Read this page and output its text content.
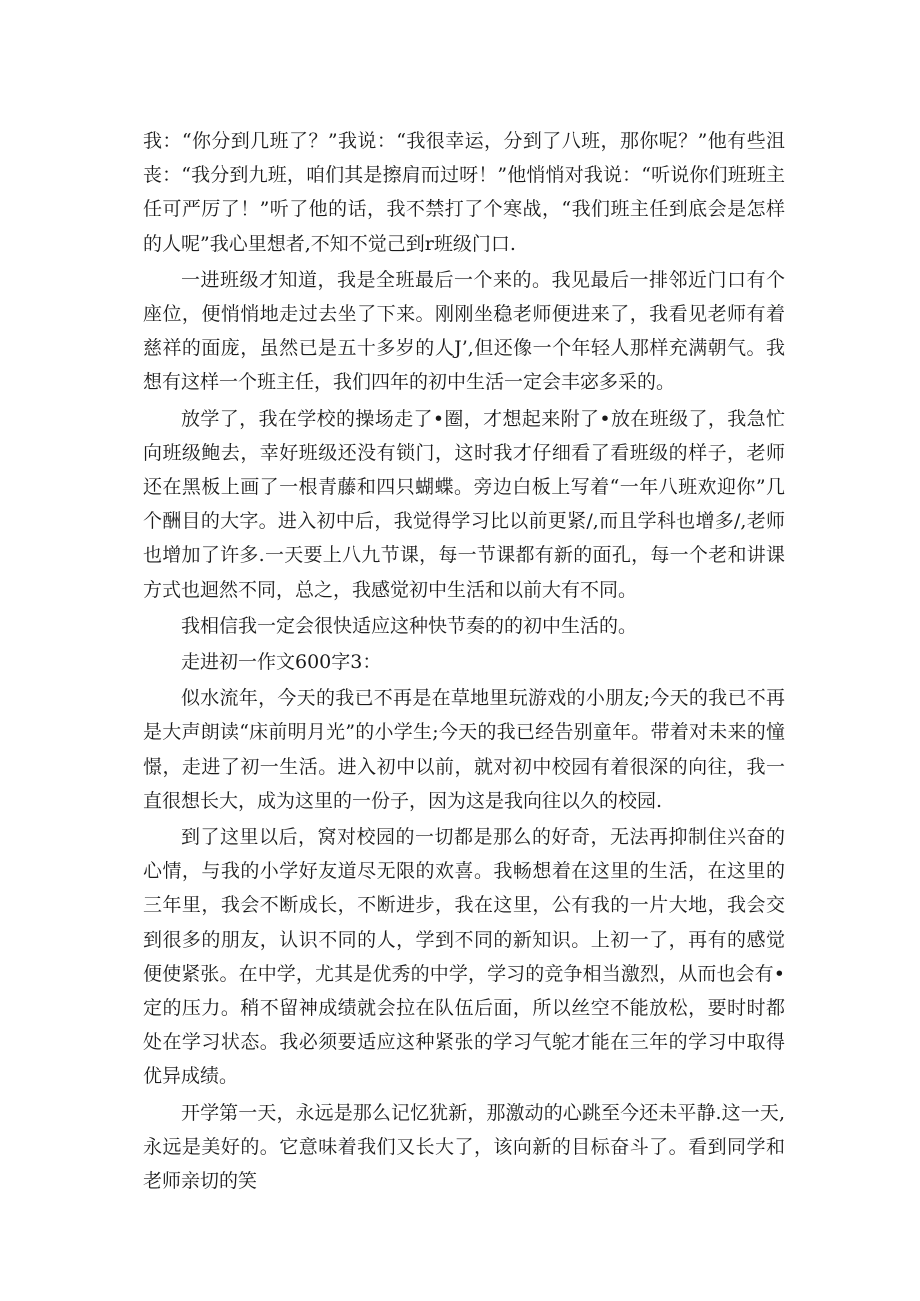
我：“你分到几班了？”我说：“我很幸运，分到了八班，那你呢？”他有些沮丧：“我分到九班，咱们其是擦肩而过呀！”他悄悄对我说：“听说你们班班主任可严厉了！”听了他的话，我不禁打了个寒战，“我们班主任到底会是怎样的人呢”我心里想者,不知不觉己到r班级门口.

一进班级才知道，我是全班最后一个来的。我见最后一排邻近门口有个座位，便悄悄地走过去坐了下来。刚刚坐稳老师便进来了，我看见老师有着慈祥的面庞，虽然已是五十多岁的人J’,但还像一个年轻人那样充满朝气。我想有这样一个班主任，我们四年的初中生活一定会丰宓多采的。

放学了，我在学校的操场走了•圈，才想起来附了•放在班级了，我急忙向班级鲍去，幸好班级还没有锁门，这时我才仔细看了看班级的样子，老师还在黑板上画了一根青藤和四只蝴蝶。旁边白板上写着“一年八班欢迎你”几个酬目的大字。进入初中后，我觉得学习比以前更紧/,而且学科也增多/,老师也增加了许多.一天要上八九节课，每一节课都有新的面孔，每一个老和讲课方式也迴然不同，总之，我感觉初中生活和以前大有不同。

我相信我一定会很快适应这种快节奏的的初中生活的。

走进初一作文600字3：

似水流年，今天的我已不再是在草地里玩游戏的小朋友;今天的我已不再是大声朗读“床前明月光”的小学生;今天的我已经告别童年。带着对未来的憧憬，走进了初一生活。进入初中以前，就对初中校园有着很深的向往，我一直很想长大，成为这里的一份子，因为这是我向往以久的校园.

到了这里以后，窝对校园的一切都是那么的好奇，无法再抑制住兴奋的心情，与我的小学好友道尽无限的欢喜。我畅想着在这里的生活，在这里的三年里，我会不断成长，不断进步，我在这里，公有我的一片大地，我会交到很多的朋友，认识不同的人，学到不同的新知识。上初一了，再有的感觉便使紧张。在中学，尤其是优秀的中学，学习的竞争相当激烈，从而也会有•定的压力。稍不留神成绩就会拉在队伍后面，所以丝空不能放松，要时时都处在学习状态。我必须要适应这种紧张的学习气鸵才能在三年的学习中取得优异成绩。

开学第一天，永远是那么记忆犹新，那激动的心跳至今还未平静.这一天,永远是美好的。它意味着我们又长大了，该向新的目标奋斗了。看到同学和老师亲切的笑
